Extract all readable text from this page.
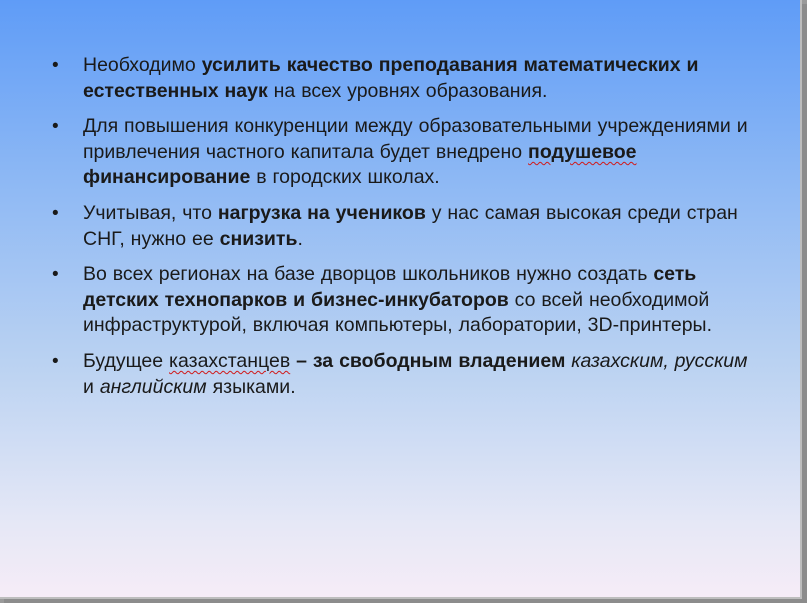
• Необходимо усилить качество преподавания математических и естественных наук на всех уровнях образования.
• Для повышения конкуренции между образовательными учреждениями и привлечения частного капитала будет внедрено подушевое финансирование в городских школах.
• Учитывая, что нагрузка на учеников у нас самая высокая среди стран СНГ, нужно ее снизить.
• Во всех регионах на базе дворцов школьников нужно создать сеть детских технопарков и бизнес-инкубаторов со всей необходимой инфраструктурой, включая компьютеры, лаборатории, 3D-принтеры.
• Будущее казахстанцев – за свободным владением казахским, русским и английским языками.
